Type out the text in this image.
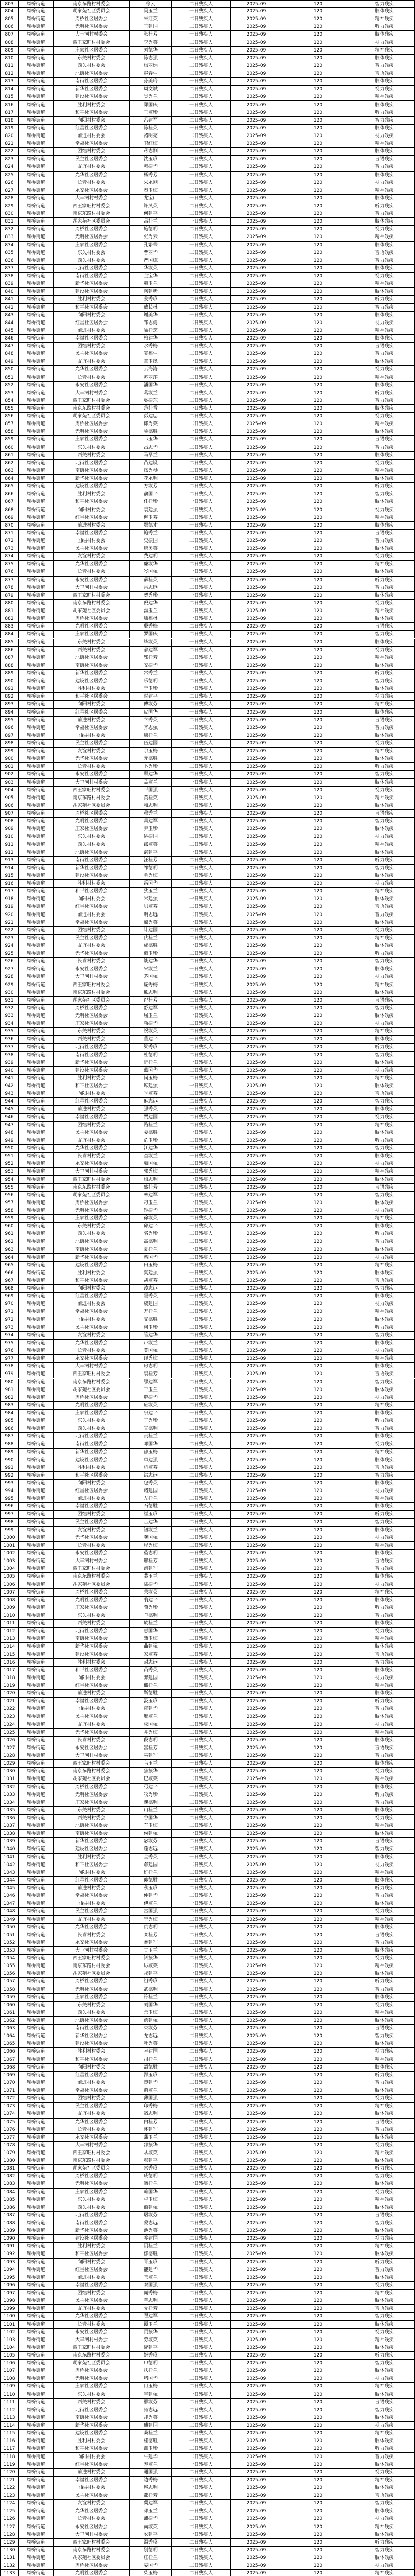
803	周桥街道	南京东路村村委会	徐云	二日残疾人	2025-09	120	智力残疾
804	周桥街道	胡家苑社区委员会	吴玉兰	一日残疾人	2025-09	120	肢体残疾
805	周桥街道	周桥社区居委会	朱红英	二日残疾人	2025-09	120	精神残疾
806	周桥街道	光明社区居委会	王建国	二日残疾人	2025-09	120	听力残疾
807	周桥街道	大丰河村村委会	张桂芳	一日残疾人	2025-09	120	肢体残疾
808	周桥街道	西王家旺村村委会	李秀英	二日残疾人	2025-09	120	视力残疾
809	周桥街道	庄家社区居委会	刘德华	二日残疾人	2025-09	120	精神残疾
810	周桥街道	东关村村委会	陈志强	一日残疾人	2025-09	120	肢体残疾
811	周桥街道	西关村村委会	杨丽娟	二日残疾人	2025-09	120	智力残疾
812	周桥街道	北街社区居委会	赵春生	二日残疾人	2025-09	120	言语残疾
813	周桥街道	南街社区居委会	孙美玲	一日残疾人	2025-09	120	肢体残疾
814	周桥街道	新华社区居委会	周文斌	二日残疾人	2025-09	120	视力残疾
815	周桥街道	建设社区居委会	吴秀兰	二日残疾人	2025-09	120	精神残疾
816	周桥街道	胜利村村委会	郑国庆	一日残疾人	2025-09	120	肢体残疾
817	周桥街道	和平社区居委会	王淑珍	二日残疾人	2025-09	120	听力残疾
818	周桥街道	向阳村村委会	冯建军	二日残疾人	2025-09	120	智力残疾
819	周桥街道	红星社区居委会	陈桂英	一日残疾人	2025-09	120	肢体残疾
820	周桥街道	前进村村委会	褚明亮	二日残疾人	2025-09	120	视力残疾
821	周桥街道	幸福社区居委会	卫红梅	二日残疾人	2025-09	120	精神残疾
822	周桥街道	团结村村委会	蒋志刚	一日残疾人	2025-09	120	肢体残疾
823	周桥街道	民主社区居委会	沈玉珍	二日残疾人	2025-09	120	言语残疾
824	周桥街道	友谊村村委会	韩振华	二日残疾人	2025-09	120	智力残疾
825	周桥街道	光华社区居委会	杨秀芳	一日残疾人	2025-09	120	肢体残疾
826	周桥街道	长青村村委会	朱永刚	二日残疾人	2025-09	120	视力残疾
827	周桥街道	永安社区居委会	秦玉梅	二日残疾人	2025-09	120	精神残疾
828	周桥街道	大丰河村村委会	尤宝山	一日残疾人	2025-09	120	肢体残疾
829	周桥街道	西王家旺村村委会	许凤英	二日残疾人	2025-09	120	听力残疾
830	周桥街道	南京东路村村委会	何建平	二日残疾人	2025-09	120	智力残疾
831	周桥街道	胡家苑社区委员会	吕桂兰	一日残疾人	2025-09	120	肢体残疾
832	周桥街道	周桥社区居委会	施德明	二日残疾人	2025-09	120	视力残疾
833	周桥街道	光明社区居委会	张秀云	二日残疾人	2025-09	120	精神残疾
834	周桥街道	庄家社区居委会	孔繁荣	一日残疾人	2025-09	120	肢体残疾
835	周桥街道	东关村村委会	曹丽华	二日残疾人	2025-09	120	言语残疾
836	周桥街道	西关村村委会	严国栋	二日残疾人	2025-09	120	智力残疾
837	周桥街道	北街社区居委会	华淑英	一日残疾人	2025-09	120	肢体残疾
838	周桥街道	南街社区居委会	金宝华	二日残疾人	2025-09	120	视力残疾
839	周桥街道	新华社区居委会	魏玉兰	二日残疾人	2025-09	120	精神残疾
840	周桥街道	建设社区居委会	陶建新	一日残疾人	2025-09	120	肢体残疾
841	周桥街道	胜利村村委会	姜秀珍	二日残疾人	2025-09	120	听力残疾
842	周桥街道	和平社区居委会	戚长林	二日残疾人	2025-09	120	智力残疾
843	周桥街道	向阳村村委会	谢美华	一日残疾人	2025-09	120	肢体残疾
844	周桥街道	红星社区居委会	邹志勇	二日残疾人	2025-09	120	视力残疾
845	周桥街道	前进村村委会	喻桂芝	二日残疾人	2025-09	120	精神残疾
846	周桥街道	幸福社区居委会	柏建华	一日残疾人	2025-09	120	肢体残疾
847	周桥街道	团结村村委会	水秀梅	二日残疾人	2025-09	120	言语残疾
848	周桥街道	民主社区居委会	窦福生	二日残疾人	2025-09	120	智力残疾
849	周桥街道	友谊村村委会	章玉凤	一日残疾人	2025-09	120	肢体残疾
850	周桥街道	光华社区居委会	云海涛	二日残疾人	2025-09	120	视力残疾
851	周桥街道	长青村村委会	苏丽萍	二日残疾人	2025-09	120	精神残疾
852	周桥街道	永安社区居委会	潘国华	一日残疾人	2025-09	120	肢体残疾
853	周桥街道	大丰河村村委会	葛淑兰	二日残疾人	2025-09	120	听力残疾
854	周桥街道	西王家旺村村委会	奚振东	二日残疾人	2025-09	120	智力残疾
855	周桥街道	南京东路村村委会	范桂香	一日残疾人	2025-09	120	肢体残疾
856	周桥街道	胡家苑社区委员会	彭建忠	二日残疾人	2025-09	120	视力残疾
857	周桥街道	周桥社区居委会	郎秀英	二日残疾人	2025-09	120	精神残疾
858	周桥街道	光明社区居委会	鲁德胜	一日残疾人	2025-09	120	肢体残疾
859	周桥街道	庄家社区居委会	韦玉华	二日残疾人	2025-09	120	言语残疾
860	周桥街道	东关村村委会	昌志华	二日残疾人	2025-09	120	智力残疾
861	周桥街道	西关村村委会	马翠兰	一日残疾人	2025-09	120	肢体残疾
862	周桥街道	北街社区居委会	苗建设	二日残疾人	2025-09	120	视力残疾
863	周桥街道	南街社区居委会	凤秀琴	二日残疾人	2025-09	120	精神残疾
864	周桥街道	新华社区居委会	花永明	一日残疾人	2025-09	120	肢体残疾
865	周桥街道	建设社区居委会	方淑芳	二日残疾人	2025-09	120	听力残疾
866	周桥街道	胜利村村委会	俞国平	二日残疾人	2025-09	120	智力残疾
867	周桥街道	和平社区居委会	任桂珍	一日残疾人	2025-09	120	肢体残疾
868	周桥街道	向阳村村委会	袁建强	二日残疾人	2025-09	120	视力残疾
869	周桥街道	红星社区居委会	柳玉芬	二日残疾人	2025-09	120	精神残疾
870	周桥街道	前进村村委会	酆德才	一日残疾人	2025-09	120	肢体残疾
871	周桥街道	幸福社区居委会	鲍秀兰	二日残疾人	2025-09	120	言语残疾
872	周桥街道	团结村村委会	史振国	二日残疾人	2025-09	120	智力残疾
873	周桥街道	民主社区居委会	唐美英	一日残疾人	2025-09	120	肢体残疾
874	周桥街道	友谊村村委会	费建明	二日残疾人	2025-09	120	视力残疾
875	周桥街道	光华社区居委会	廉淑华	二日残疾人	2025-09	120	精神残疾
876	周桥街道	长青村村委会	岑国强	一日残疾人	2025-09	120	肢体残疾
877	周桥街道	永安社区居委会	薛桂英	二日残疾人	2025-09	120	听力残疾
878	周桥街道	大丰河村村委会	雷志远	二日残疾人	2025-09	120	智力残疾
879	周桥街道	西王家旺村村委会	贺秀珍	一日残疾人	2025-09	120	肢体残疾
880	周桥街道	南京东路村村委会	倪建华	二日残疾人	2025-09	120	视力残疾
881	周桥街道	胡家苑社区委员会	汤玉兰	二日残疾人	2025-09	120	精神残疾
882	周桥街道	周桥社区居委会	滕福林	一日残疾人	2025-09	120	肢体残疾
883	周桥街道	光明社区居委会	殷秀梅	二日残疾人	2025-09	120	言语残疾
884	周桥街道	庄家社区居委会	罗国庆	二日残疾人	2025-09	120	智力残疾
885	周桥街道	东关村村委会	毕淑英	一日残疾人	2025-09	120	肢体残疾
886	周桥街道	西关村村委会	郝建军	二日残疾人	2025-09	120	视力残疾
887	周桥街道	北街社区居委会	邬桂芳	二日残疾人	2025-09	120	精神残疾
888	周桥街道	南街社区居委会	安振华	一日残疾人	2025-09	120	肢体残疾
889	周桥街道	新华社区居委会	常秀兰	二日残疾人	2025-09	120	听力残疾
890	周桥街道	建设社区居委会	乐德明	二日残疾人	2025-09	120	智力残疾
891	周桥街道	胜利村村委会	于玉珍	一日残疾人	2025-09	120	肢体残疾
892	周桥街道	和平社区居委会	时建平	二日残疾人	2025-09	120	视力残疾
893	周桥街道	向阳村村委会	傅淑芬	二日残疾人	2025-09	120	精神残疾
894	周桥街道	红星社区居委会	皮国华	一日残疾人	2025-09	120	肢体残疾
895	周桥街道	前进村村委会	卞秀英	二日残疾人	2025-09	120	言语残疾
896	周桥街道	幸福社区居委会	齐志强	二日残疾人	2025-09	120	智力残疾
897	周桥街道	团结村村委会	康桂兰	一日残疾人	2025-09	120	肢体残疾
898	周桥街道	民主社区居委会	伍建国	二日残疾人	2025-09	120	视力残疾
899	周桥街道	友谊村村委会	余玉梅	二日残疾人	2025-09	120	精神残疾
900	周桥街道	光华社区居委会	元德胜	一日残疾人	2025-09	120	肢体残疾
901	周桥街道	长青村村委会	卜秀珍	二日残疾人	2025-09	120	听力残疾
902	周桥街道	永安社区居委会	顾建华	二日残疾人	2025-09	120	智力残疾
903	周桥街道	大丰河村村委会	孟淑兰	一日残疾人	2025-09	120	肢体残疾
904	周桥街道	西王家旺村村委会	平国强	二日残疾人	2025-09	120	视力残疾
905	周桥街道	南京东路村村委会	黄桂英	二日残疾人	2025-09	120	精神残疾
906	周桥街道	胡家苑社区委员会	和志明	一日残疾人	2025-09	120	肢体残疾
907	周桥街道	周桥社区居委会	穆秀兰	二日残疾人	2025-09	120	言语残疾
908	周桥街道	光明社区居委会	萧建军	二日残疾人	2025-09	120	智力残疾
909	周桥街道	庄家社区居委会	尹玉珍	一日残疾人	2025-09	120	肢体残疾
910	周桥街道	东关村村委会	姚振国	二日残疾人	2025-09	120	视力残疾
911	周桥街道	西关村村委会	邵淑英	二日残疾人	2025-09	120	精神残疾
912	周桥街道	北街社区居委会	湛建平	一日残疾人	2025-09	120	肢体残疾
913	周桥街道	南街社区居委会	汪桂芳	二日残疾人	2025-09	120	听力残疾
914	周桥街道	新华社区居委会	祁德明	二日残疾人	2025-09	120	智力残疾
915	周桥街道	建设社区居委会	毛秀梅	一日残疾人	2025-09	120	肢体残疾
916	周桥街道	胜利村村委会	禹国华	二日残疾人	2025-09	120	视力残疾
917	周桥街道	和平社区居委会	狄玉兰	二日残疾人	2025-09	120	精神残疾
918	周桥街道	向阳村村委会	米建强	一日残疾人	2025-09	120	肢体残疾
919	周桥街道	红星社区居委会	贝淑芬	二日残疾人	2025-09	120	言语残疾
920	周桥街道	前进村村委会	明志远	二日残疾人	2025-09	120	智力残疾
921	周桥街道	幸福社区居委会	臧秀英	一日残疾人	2025-09	120	肢体残疾
922	周桥街道	团结村村委会	计建国	二日残疾人	2025-09	120	视力残疾
923	周桥街道	民主社区居委会	伏桂兰	二日残疾人	2025-09	120	精神残疾
924	周桥街道	友谊村村委会	成德胜	一日残疾人	2025-09	120	肢体残疾
925	周桥街道	光华社区居委会	戴玉珍	二日残疾人	2025-09	120	听力残疾
926	周桥街道	长青村村委会	谈建华	二日残疾人	2025-09	120	智力残疾
927	周桥街道	永安社区居委会	宋淑兰	一日残疾人	2025-09	120	肢体残疾
928	周桥街道	大丰河村村委会	茅国强	二日残疾人	2025-09	120	视力残疾
929	周桥街道	西王家旺村村委会	庞秀梅	二日残疾人	2025-09	120	精神残疾
930	周桥街道	南京东路村村委会	熊志明	一日残疾人	2025-09	120	肢体残疾
931	周桥街道	胡家苑社区委员会	纪桂芳	二日残疾人	2025-09	120	言语残疾
932	周桥街道	周桥社区居委会	舒建军	二日残疾人	2025-09	120	智力残疾
933	周桥街道	光明社区居委会	屈玉兰	一日残疾人	2025-09	120	肢体残疾
934	周桥街道	庄家社区居委会	项振华	二日残疾人	2025-09	120	视力残疾
935	周桥街道	东关村村委会	祝淑英	二日残疾人	2025-09	120	精神残疾
936	周桥街道	西关村村委会	董建平	一日残疾人	2025-09	120	肢体残疾
937	周桥街道	北街社区居委会	梁秀珍	二日残疾人	2025-09	120	听力残疾
938	周桥街道	南街社区居委会	杜德明	二日残疾人	2025-09	120	智力残疾
939	周桥街道	新华社区居委会	阮桂兰	一日残疾人	2025-09	120	肢体残疾
940	周桥街道	建设社区居委会	蓝国华	二日残疾人	2025-09	120	视力残疾
941	周桥街道	胜利村村委会	闵玉梅	二日残疾人	2025-09	120	精神残疾
942	周桥街道	和平社区居委会	席建强	一日残疾人	2025-09	120	肢体残疾
943	周桥街道	向阳村村委会	季淑芬	二日残疾人	2025-09	120	言语残疾
944	周桥街道	红星社区居委会	麻志远	二日残疾人	2025-09	120	智力残疾
945	周桥街道	前进村村委会	强秀英	一日残疾人	2025-09	120	肢体残疾
946	周桥街道	幸福社区居委会	贾建国	二日残疾人	2025-09	120	视力残疾
947	周桥街道	团结村村委会	路桂兰	二日残疾人	2025-09	120	精神残疾
948	周桥街道	民主社区居委会	娄德胜	一日残疾人	2025-09	120	肢体残疾
949	周桥街道	友谊村村委会	危玉珍	二日残疾人	2025-09	120	听力残疾
950	周桥街道	光华社区居委会	江建华	二日残疾人	2025-09	120	智力残疾
951	周桥街道	长青村村委会	童淑兰	一日残疾人	2025-09	120	肢体残疾
952	周桥街道	永安社区居委会	颜国强	二日残疾人	2025-09	120	视力残疾
953	周桥街道	大丰河村村委会	郭秀梅	二日残疾人	2025-09	120	精神残疾
954	周桥街道	西王家旺村村委会	梅志明	一日残疾人	2025-09	120	肢体残疾
955	周桥街道	南京东路村村委会	盛桂芳	二日残疾人	2025-09	120	言语残疾
956	周桥街道	胡家苑社区委员会	林建军	二日残疾人	2025-09	120	智力残疾
957	周桥街道	周桥社区居委会	刁玉兰	一日残疾人	2025-09	120	肢体残疾
958	周桥街道	光明社区居委会	钟振华	二日残疾人	2025-09	120	视力残疾
959	周桥街道	庄家社区居委会	徐淑英	二日残疾人	2025-09	120	精神残疾
960	周桥街道	东关村村委会	邱建平	一日残疾人	2025-09	120	肢体残疾
961	周桥街道	西关村村委会	骆秀珍	二日残疾人	2025-09	120	听力残疾
962	周桥街道	北街社区居委会	高德明	二日残疾人	2025-09	120	智力残疾
963	周桥街道	南街社区居委会	夏桂兰	一日残疾人	2025-09	120	肢体残疾
964	周桥街道	新华社区居委会	蔡国华	二日残疾人	2025-09	120	视力残疾
965	周桥街道	建设社区居委会	田玉梅	二日残疾人	2025-09	120	精神残疾
966	周桥街道	胜利村村委会	樊建强	一日残疾人	2025-09	120	肢体残疾
967	周桥街道	和平社区居委会	胡淑芬	二日残疾人	2025-09	120	言语残疾
968	周桥街道	向阳村村委会	凌志远	二日残疾人	2025-09	120	智力残疾
969	周桥街道	红星社区居委会	霍秀英	一日残疾人	2025-09	120	肢体残疾
970	周桥街道	前进村村委会	虞建国	二日残疾人	2025-09	120	视力残疾
971	周桥街道	幸福社区居委会	万桂兰	二日残疾人	2025-09	120	精神残疾
972	周桥街道	团结村村委会	支德胜	一日残疾人	2025-09	120	肢体残疾
973	周桥街道	民主社区居委会	柯玉珍	二日残疾人	2025-09	120	听力残疾
974	周桥街道	友谊村村委会	管建华	二日残疾人	2025-09	120	智力残疾
975	周桥街道	光华社区居委会	卢淑兰	一日残疾人	2025-09	120	肢体残疾
976	周桥街道	长青村村委会	莫国强	二日残疾人	2025-09	120	视力残疾
977	周桥街道	永安社区居委会	经秀梅	二日残疾人	2025-09	120	精神残疾
978	周桥街道	大丰河村村委会	房志明	一日残疾人	2025-09	120	肢体残疾
979	周桥街道	西王家旺村村委会	裘桂芳	二日残疾人	2025-09	120	言语残疾
980	周桥街道	南京东路村村委会	缪建军	二日残疾人	2025-09	120	智力残疾
981	周桥街道	胡家苑社区委员会	干玉兰	一日残疾人	2025-09	120	肢体残疾
982	周桥街道	周桥社区居委会	解振华	二日残疾人	2025-09	120	视力残疾
983	周桥街道	光明社区居委会	应淑英	二日残疾人	2025-09	120	精神残疾
984	周桥街道	庄家社区居委会	宗建平	一日残疾人	2025-09	120	肢体残疾
985	周桥街道	东关村村委会	丁秀珍	二日残疾人	2025-09	120	听力残疾
986	周桥街道	西关村村委会	宣德明	二日残疾人	2025-09	120	智力残疾
987	周桥街道	北街社区居委会	贲桂兰	一日残疾人	2025-09	120	肢体残疾
988	周桥街道	南街社区居委会	邓国华	二日残疾人	2025-09	120	视力残疾
989	周桥街道	新华社区居委会	郁玉梅	二日残疾人	2025-09	120	精神残疾
990	周桥街道	建设社区居委会	单建强	一日残疾人	2025-09	120	肢体残疾
991	周桥街道	胜利村村委会	杭淑芬	二日残疾人	2025-09	120	言语残疾
992	周桥街道	和平社区居委会	洪志远	二日残疾人	2025-09	120	智力残疾
993	周桥街道	向阳村村委会	包秀英	一日残疾人	2025-09	120	肢体残疾
994	周桥街道	红星社区居委会	诸建国	二日残疾人	2025-09	120	视力残疾
995	周桥街道	前进村村委会	左桂兰	二日残疾人	2025-09	120	精神残疾
996	周桥街道	幸福社区居委会	石德胜	一日残疾人	2025-09	120	肢体残疾
997	周桥街道	团结村村委会	崔玉珍	二日残疾人	2025-09	120	听力残疾
998	周桥街道	民主社区居委会	吉建华	二日残疾人	2025-09	120	智力残疾
999	周桥街道	友谊村村委会	钮淑兰	一日残疾人	2025-09	120	肢体残疾
1000	周桥街道	光华社区居委会	龚国强	二日残疾人	2025-09	120	视力残疾
1001	周桥街道	长青村村委会	程秀梅	二日残疾人	2025-09	120	精神残疾
1002	周桥街道	永安社区居委会	嵇志明	一日残疾人	2025-09	120	肢体残疾
1003	周桥街道	大丰河村村委会	邢桂芳	二日残疾人	2025-09	120	言语残疾
1004	周桥街道	西王家旺村村委会	滑建军	二日残疾人	2025-09	120	智力残疾
1005	周桥街道	南京东路村村委会	裴玉兰	一日残疾人	2025-09	120	肢体残疾
1006	周桥街道	胡家苑社区委员会	陆振华	二日残疾人	2025-09	120	视力残疾
1007	周桥街道	周桥社区居委会	荣淑英	二日残疾人	2025-09	120	精神残疾
1008	周桥街道	光明社区居委会	翁建平	一日残疾人	2025-09	120	肢体残疾
1009	周桥街道	庄家社区居委会	荀秀珍	二日残疾人	2025-09	120	听力残疾
1010	周桥街道	东关村村委会	羊德明	二日残疾人	2025-09	120	智力残疾
1011	周桥街道	西关村村委会	於桂兰	一日残疾人	2025-09	120	肢体残疾
1012	周桥街道	北街社区居委会	惠国华	二日残疾人	2025-09	120	视力残疾
1013	周桥街道	南街社区居委会	甄玉梅	二日残疾人	2025-09	120	精神残疾
1014	周桥街道	新华社区居委会	曲建强	一日残疾人	2025-09	120	肢体残疾
1015	周桥街道	建设社区居委会	家淑芬	二日残疾人	2025-09	120	言语残疾
1016	周桥街道	胜利村村委会	封志远	二日残疾人	2025-09	120	智力残疾
1017	周桥街道	和平社区居委会	芮秀英	一日残疾人	2025-09	120	肢体残疾
1018	周桥街道	向阳村村委会	羿建国	二日残疾人	2025-09	120	视力残疾
1019	周桥街道	红星社区居委会	储桂兰	二日残疾人	2025-09	120	精神残疾
1020	周桥街道	前进村村委会	靳德胜	一日残疾人	2025-09	120	肢体残疾
1021	周桥街道	幸福社区居委会	汲玉珍	二日残疾人	2025-09	120	听力残疾
1022	周桥街道	团结村村委会	邴建华	二日残疾人	2025-09	120	智力残疾
1023	周桥街道	民主社区居委会	糜淑兰	一日残疾人	2025-09	120	肢体残疾
1024	周桥街道	友谊村村委会	松国强	二日残疾人	2025-09	120	视力残疾
1025	周桥街道	光华社区居委会	井秀梅	二日残疾人	2025-09	120	精神残疾
1026	周桥街道	长青村村委会	段志明	一日残疾人	2025-09	120	肢体残疾
1027	周桥街道	永安社区居委会	富桂芳	二日残疾人	2025-09	120	言语残疾
1028	周桥街道	大丰河村村委会	巫建军	二日残疾人	2025-09	120	智力残疾
1029	周桥街道	西王家旺村村委会	乌玉兰	一日残疾人	2025-09	120	肢体残疾
1030	周桥街道	南京东路村村委会	焦振华	二日残疾人	2025-09	120	视力残疾
1031	周桥街道	胡家苑社区委员会	巴淑英	二日残疾人	2025-09	120	精神残疾
1032	周桥街道	周桥社区居委会	弓建平	一日残疾人	2025-09	120	肢体残疾
1033	周桥街道	光明社区居委会	牧秀珍	二日残疾人	2025-09	120	听力残疾
1034	周桥街道	庄家社区居委会	隗德明	二日残疾人	2025-09	120	智力残疾
1035	周桥街道	东关村村委会	山桂兰	一日残疾人	2025-09	120	肢体残疾
1036	周桥街道	西关村村委会	谷国华	二日残疾人	2025-09	120	视力残疾
1037	周桥街道	北街社区居委会	车玉梅	二日残疾人	2025-09	120	精神残疾
1038	周桥街道	南街社区居委会	侯建强	一日残疾人	2025-09	120	肢体残疾
1039	周桥街道	新华社区居委会	宓淑芬	二日残疾人	2025-09	120	言语残疾
1040	周桥街道	建设社区居委会	蓬志远	二日残疾人	2025-09	120	智力残疾
1041	周桥街道	胜利村村委会	全秀英	一日残疾人	2025-09	120	肢体残疾
1042	周桥街道	和平社区居委会	郗建国	二日残疾人	2025-09	120	视力残疾
1043	周桥街道	向阳村村委会	班桂兰	二日残疾人	2025-09	120	精神残疾
1044	周桥街道	红星社区居委会	仰德胜	一日残疾人	2025-09	120	肢体残疾
1045	周桥街道	前进村村委会	秋玉珍	二日残疾人	2025-09	120	听力残疾
1046	周桥街道	幸福社区居委会	仲建华	二日残疾人	2025-09	120	智力残疾
1047	周桥街道	团结村村委会	伊淑兰	一日残疾人	2025-09	120	肢体残疾
1048	周桥街道	民主社区居委会	宫国强	二日残疾人	2025-09	120	视力残疾
1049	周桥街道	友谊村村委会	宁秀梅	二日残疾人	2025-09	120	精神残疾
1050	周桥街道	光华社区居委会	仇志明	一日残疾人	2025-09	120	肢体残疾
1051	周桥街道	长青村村委会	栾桂芳	二日残疾人	2025-09	120	言语残疾
1052	周桥街道	永安社区居委会	暴建军	二日残疾人	2025-09	120	智力残疾
1053	周桥街道	大丰河村村委会	甘玉兰	一日残疾人	2025-09	120	肢体残疾
1054	周桥街道	西王家旺村村委会	钭振华	二日残疾人	2025-09	120	视力残疾
1055	周桥街道	南京东路村村委会	厉淑英	二日残疾人	2025-09	120	精神残疾
1056	周桥街道	胡家苑社区委员会	戎建平	一日残疾人	2025-09	120	肢体残疾
1057	周桥街道	周桥社区居委会	祖秀珍	二日残疾人	2025-09	120	听力残疾
1058	周桥街道	光明社区居委会	武德明	二日残疾人	2025-09	120	智力残疾
1059	周桥街道	庄家社区居委会	符桂兰	一日残疾人	2025-09	120	肢体残疾
1060	周桥街道	东关村村委会	刘国华	二日残疾人	2025-09	120	视力残疾
1061	周桥街道	西关村村委会	景玉梅	二日残疾人	2025-09	120	精神残疾
1062	周桥街道	北街社区居委会	詹建强	一日残疾人	2025-09	120	肢体残疾
1063	周桥街道	南街社区居委会	束淑芬	二日残疾人	2025-09	120	言语残疾
1064	周桥街道	新华社区居委会	龙志远	二日残疾人	2025-09	120	智力残疾
1065	周桥街道	建设社区居委会	叶秀英	一日残疾人	2025-09	120	肢体残疾
1066	周桥街道	胜利村村委会	幸建国	二日残疾人	2025-09	120	视力残疾
1067	周桥街道	和平社区居委会	司桂兰	二日残疾人	2025-09	120	精神残疾
1068	周桥街道	向阳村村委会	韶德胜	一日残疾人	2025-09	120	肢体残疾
1069	周桥街道	红星社区居委会	郜玉珍	二日残疾人	2025-09	120	听力残疾
1070	周桥街道	前进村村委会	黎建华	二日残疾人	2025-09	120	智力残疾
1071	周桥街道	幸福社区居委会	蓟淑兰	一日残疾人	2025-09	120	肢体残疾
1072	周桥街道	团结村村委会	薄国强	二日残疾人	2025-09	120	视力残疾
1073	周桥街道	民主社区居委会	印秀梅	二日残疾人	2025-09	120	精神残疾
1074	周桥街道	友谊村村委会	宿志明	一日残疾人	2025-09	120	肢体残疾
1075	周桥街道	光华社区居委会	白桂芳	二日残疾人	2025-09	120	言语残疾
1076	周桥街道	长青村村委会	怀建军	二日残疾人	2025-09	120	智力残疾
1077	周桥街道	永安社区居委会	蒲玉兰	一日残疾人	2025-09	120	肢体残疾
1078	周桥街道	大丰河村村委会	邰振华	二日残疾人	2025-09	120	视力残疾
1079	周桥街道	西王家旺村村委会	从淑英	二日残疾人	2025-09	120	精神残疾
1080	周桥街道	南京东路村村委会	鄂建平	一日残疾人	2025-09	120	肢体残疾
1081	周桥街道	胡家苑社区委员会	索秀珍	二日残疾人	2025-09	120	听力残疾
1082	周桥街道	周桥社区居委会	咸德明	二日残疾人	2025-09	120	智力残疾
1083	周桥街道	光明社区居委会	籍桂兰	一日残疾人	2025-09	120	肢体残疾
1084	周桥街道	庄家社区居委会	赖国华	二日残疾人	2025-09	120	视力残疾
1085	周桥街道	东关村村委会	卓玉梅	二日残疾人	2025-09	120	精神残疾
1086	周桥街道	西关村村委会	蔺建强	一日残疾人	2025-09	120	肢体残疾
1087	周桥街道	北街社区居委会	屠淑芬	二日残疾人	2025-09	120	言语残疾
1088	周桥街道	南街社区居委会	蒙志远	二日残疾人	2025-09	120	智力残疾
1089	周桥街道	新华社区居委会	池秀英	一日残疾人	2025-09	120	肢体残疾
1090	周桥街道	建设社区居委会	乔建国	二日残疾人	2025-09	120	视力残疾
1091	周桥街道	胜利村村委会	阴桂兰	二日残疾人	2025-09	120	精神残疾
1092	周桥街道	和平社区居委会	郁德胜	一日残疾人	2025-09	120	肢体残疾
1093	周桥街道	向阳村村委会	胥玉珍	二日残疾人	2025-09	120	听力残疾
1094	周桥街道	红星社区居委会	能建华	二日残疾人	2025-09	120	智力残疾
1095	周桥街道	前进村村委会	苍淑兰	一日残疾人	2025-09	120	肢体残疾
1096	周桥街道	幸福社区居委会	双国强	二日残疾人	2025-09	120	视力残疾
1097	周桥街道	团结村村委会	闻秀梅	二日残疾人	2025-09	120	精神残疾
1098	周桥街道	民主社区居委会	莘志明	一日残疾人	2025-09	120	肢体残疾
1099	周桥街道	友谊村村委会	党桂芳	二日残疾人	2025-09	120	言语残疾
1100	周桥街道	光华社区居委会	翟建军	二日残疾人	2025-09	120	智力残疾
1101	周桥街道	长青村村委会	谭玉兰	一日残疾人	2025-09	120	肢体残疾
1102	周桥街道	永安社区居委会	贡振华	二日残疾人	2025-09	120	视力残疾
1103	周桥街道	大丰河村村委会	劳淑英	二日残疾人	2025-09	120	精神残疾
1104	周桥街道	西王家旺村村委会	逄建平	一日残疾人	2025-09	120	肢体残疾
1105	周桥街道	南京东路村村委会	姬秀珍	二日残疾人	2025-09	120	听力残疾
1106	周桥街道	胡家苑社区委员会	申德明	二日残疾人	2025-09	120	智力残疾
1107	周桥街道	周桥社区居委会	扶桂兰	一日残疾人	2025-09	120	肢体残疾
1108	周桥街道	光明社区居委会	堵国华	二日残疾人	2025-09	120	视力残疾
1109	周桥街道	庄家社区居委会	冉玉梅	二日残疾人	2025-09	120	精神残疾
1110	周桥街道	东关村村委会	宰建强	一日残疾人	2025-09	120	肢体残疾
1111	周桥街道	西关村村委会	郦淑芬	二日残疾人	2025-09	120	言语残疾
1112	周桥街道	北街社区居委会	雍志远	二日残疾人	2025-09	120	智力残疾
1113	周桥街道	南街社区居委会	却秀英	一日残疾人	2025-09	120	肢体残疾
1114	周桥街道	新华社区居委会	璩建国	二日残疾人	2025-09	120	视力残疾
1115	周桥街道	建设社区居委会	桑桂兰	二日残疾人	2025-09	120	精神残疾
1116	周桥街道	胜利村村委会	桂德胜	一日残疾人	2025-09	120	肢体残疾
1117	周桥街道	和平社区居委会	濮玉珍	二日残疾人	2025-09	120	听力残疾
1118	周桥街道	向阳村村委会	牛建华	二日残疾人	2025-09	120	智力残疾
1119	周桥街道	红星社区居委会	寿淑兰	一日残疾人	2025-09	120	肢体残疾
1120	周桥街道	前进村村委会	通国强	二日残疾人	2025-09	120	视力残疾
1121	周桥街道	幸福社区居委会	边秀梅	二日残疾人	2025-09	120	精神残疾
1122	周桥街道	团结村村委会	扈志明	一日残疾人	2025-09	120	肢体残疾
1123	周桥街道	民主社区居委会	燕桂芳	二日残疾人	2025-09	120	言语残疾
1124	周桥街道	友谊村村委会	冀建军	二日残疾人	2025-09	120	智力残疾
1125	周桥街道	光华社区居委会	郏玉兰	一日残疾人	2025-09	120	肢体残疾
1126	周桥街道	长青村村委会	浦振华	二日残疾人	2025-09	120	视力残疾
1127	周桥街道	永安社区居委会	尚淑英	二日残疾人	2025-09	120	精神残疾
1128	周桥街道	大丰河村村委会	农建平	一日残疾人	2025-09	120	肢体残疾
1129	周桥街道	西王家旺村村委会	温秀珍	二日残疾人	2025-09	120	听力残疾
1130	周桥街道	南京东路村村委会	别德明	二日残疾人	2025-09	120	智力残疾
1131	周桥街道	胡家苑社区委员会	庄桂兰	一日残疾人	2025-09	120	肢体残疾
1132	周桥街道	周桥社区居委会	晏国华	二日残疾人	2025-09	120	视力残疾
1133	周桥街道	光明社区居委会	柴玉梅	二日残疾人	2025-09	120	精神残疾
